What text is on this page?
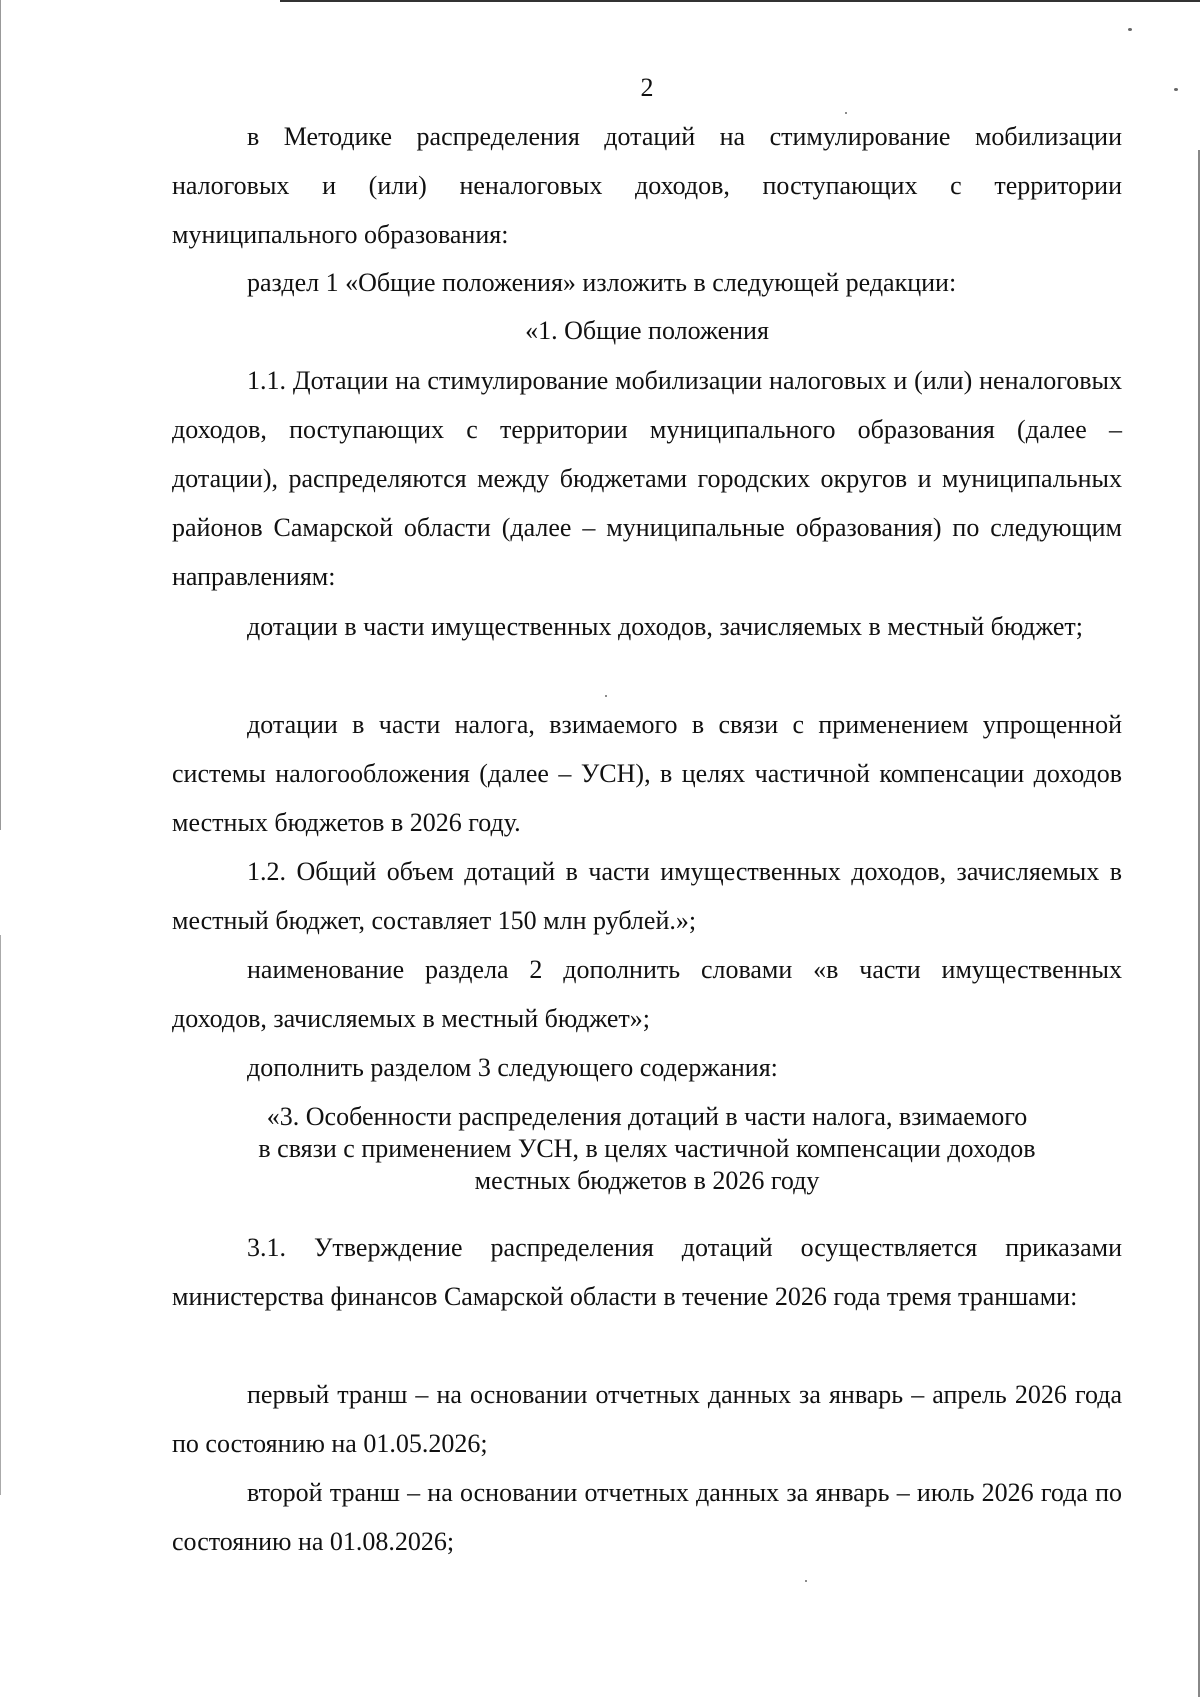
2

в Методике распределения дотаций на стимулирование мобилизации налоговых и (или) неналоговых доходов, поступающих с территории муниципального образования:

раздел 1 «Общие положения» изложить в следующей редакции:

«1. Общие положения

1.1. Дотации на стимулирование мобилизации налоговых и (или) неналоговых доходов, поступающих с территории муниципального образования (далее – дотации), распределяются между бюджетами городских округов и муниципальных районов Самарской области (далее – муниципальные образования) по следующим направлениям:

дотации в части имущественных доходов, зачисляемых в местный бюджет;

дотации в части налога, взимаемого в связи с применением упрощенной системы налогообложения (далее – УСН), в целях частичной компенсации доходов местных бюджетов в 2026 году.

1.2. Общий объем дотаций в части имущественных доходов, зачисляемых в местный бюджет, составляет 150 млн рублей.»;

наименование раздела 2 дополнить словами «в части имущественных доходов, зачисляемых в местный бюджет»;

дополнить разделом 3 следующего содержания:

«3. Особенности распределения дотаций в части налога, взимаемого
в связи с применением УСН, в целях частичной компенсации доходов
местных бюджетов в 2026 году

3.1. Утверждение распределения дотаций осуществляется приказами министерства финансов Самарской области в течение 2026 года тремя траншами:

первый транш – на основании отчетных данных за январь – апрель 2026 года по состоянию на 01.05.2026;

второй транш – на основании отчетных данных за январь – июль 2026 года по состоянию на 01.08.2026;
